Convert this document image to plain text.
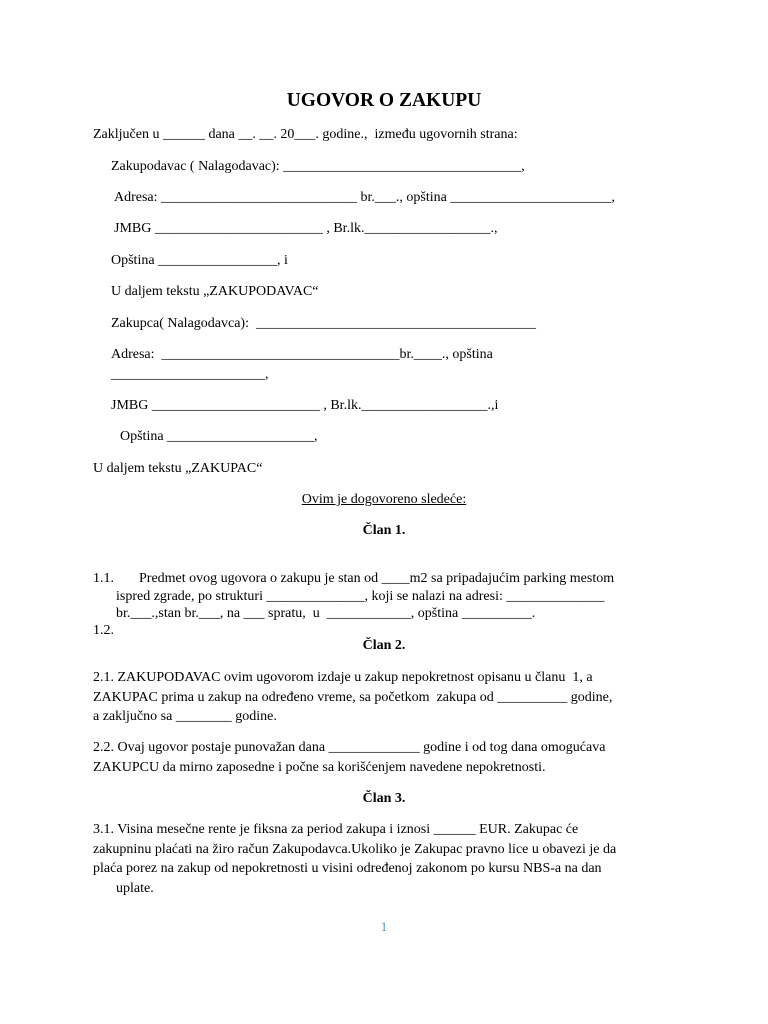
UGOVOR O ZAKUPU
Zaključen u ______ dana __. __. 20___. godine.,  između ugovornih strana:
Zakupodavac ( Nalagodavac): __________________________________,
Adresa: ____________________________ br.___., opština _______________________,
JMBG ________________________ , Br.lk.__________________.,
Opština _________________, i
U daljem tekstu „ZAKUPODAVAC“
Zakupca( Nalagodavca):  ________________________________________
Adresa:  __________________________________br.____., opština
______________________,
JMBG ________________________ , Br.lk.__________________.,i
Opština _____________________,
U daljem tekstu „ZAKUPAC“
Ovim je dogovoreno sledeće:
Član 1.
1.1. Predmet ovog ugovora o zakupu je stan od ____m2 sa pripadajućim parking mestom
ispred zgrade, po strukturi ______________, koji se nalazi na adresi: ______________
br.___.,stan br.___, na ___ spratu,  u  ____________, opština __________.
1.2.
Član 2.
2.1. ZAKUPODAVAC ovim ugovorom izdaje u zakup nepokretnost opisanu u članu  1, a
ZAKUPAC prima u zakup na određeno vreme, sa početkom  zakupa od __________ godine,
a zaključno sa ________ godine.
2.2. Ovaj ugovor postaje punovažan dana _____________ godine i od tog dana omogućava
ZAKUPCU da mirno zaposedne i počne sa korišćenjem navedene nepokretnosti.
Član 3.
3.1. Visina mesečne rente je fiksna za period zakupa i iznosi ______ EUR. Zakupac će
zakupninu plaćati na žiro račun Zakupodavca.Ukoliko je Zakupac pravno lice u obavezi je da
plaća porez na zakup od nepokretnosti u visini određenoj zakonom po kursu NBS-a na dan
uplate.
1
